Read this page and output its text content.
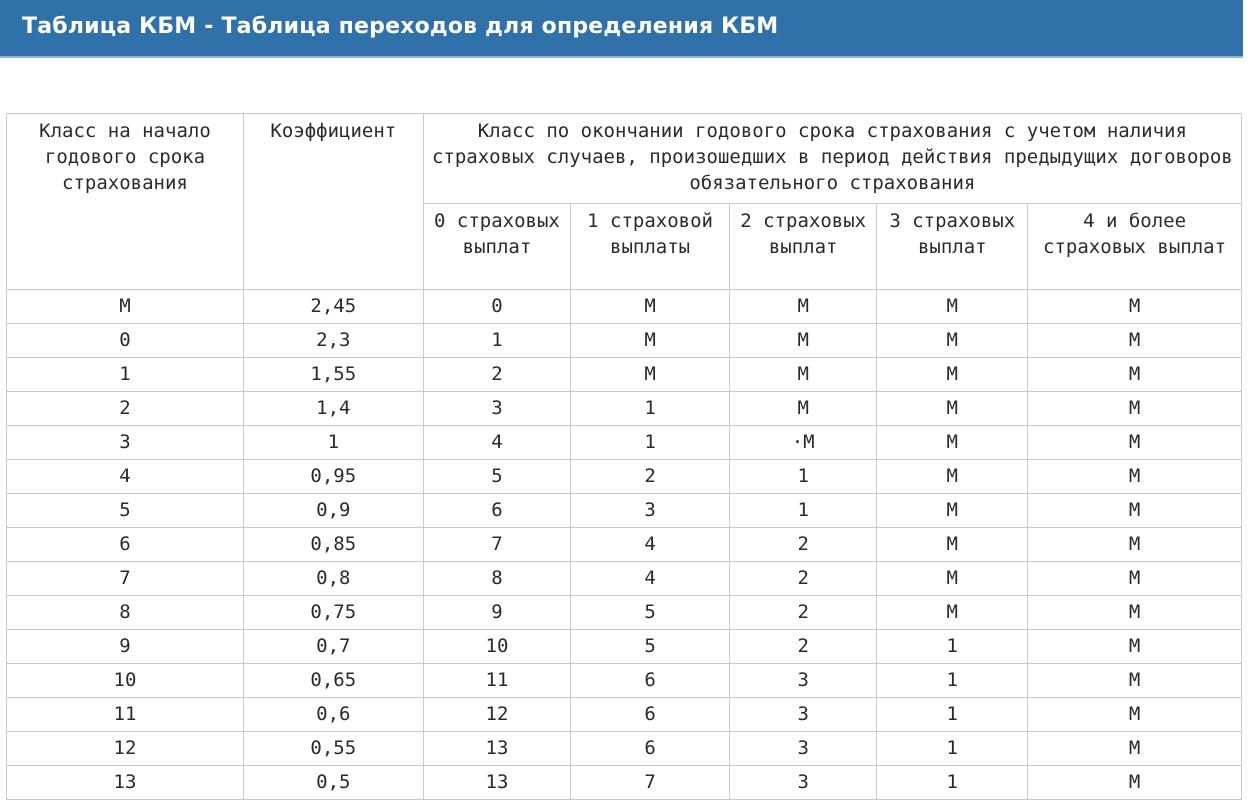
Таблица КБМ - Таблица переходов для определения КБМ
Класс на начало годового срока страхования	Коэффициент	Класс по окончании годового срока страхования с учетом наличия страховых случаев, произошедших в период действия предыдущих договоров обязательного страхования				
		0 страховых выплат	1 страховой выплаты	2 страховых выплат	3 страховых выплат	4 и более страховых выплат
М	2,45	0	М	М	М	М
0	2,3	1	М	М	М	М
1	1,55	2	М	М	М	М
2	1,4	3	1	М	М	М
3	1	4	1	·М	М	М
4	0,95	5	2	1	М	М
5	0,9	6	3	1	М	М
6	0,85	7	4	2	М	М
7	0,8	8	4	2	М	М
8	0,75	9	5	2	М	М
9	0,7	10	5	2	1	М
10	0,65	11	6	3	1	М
11	0,6	12	6	3	1	М
12	0,55	13	6	3	1	М
13	0,5	13	7	3	1	М
